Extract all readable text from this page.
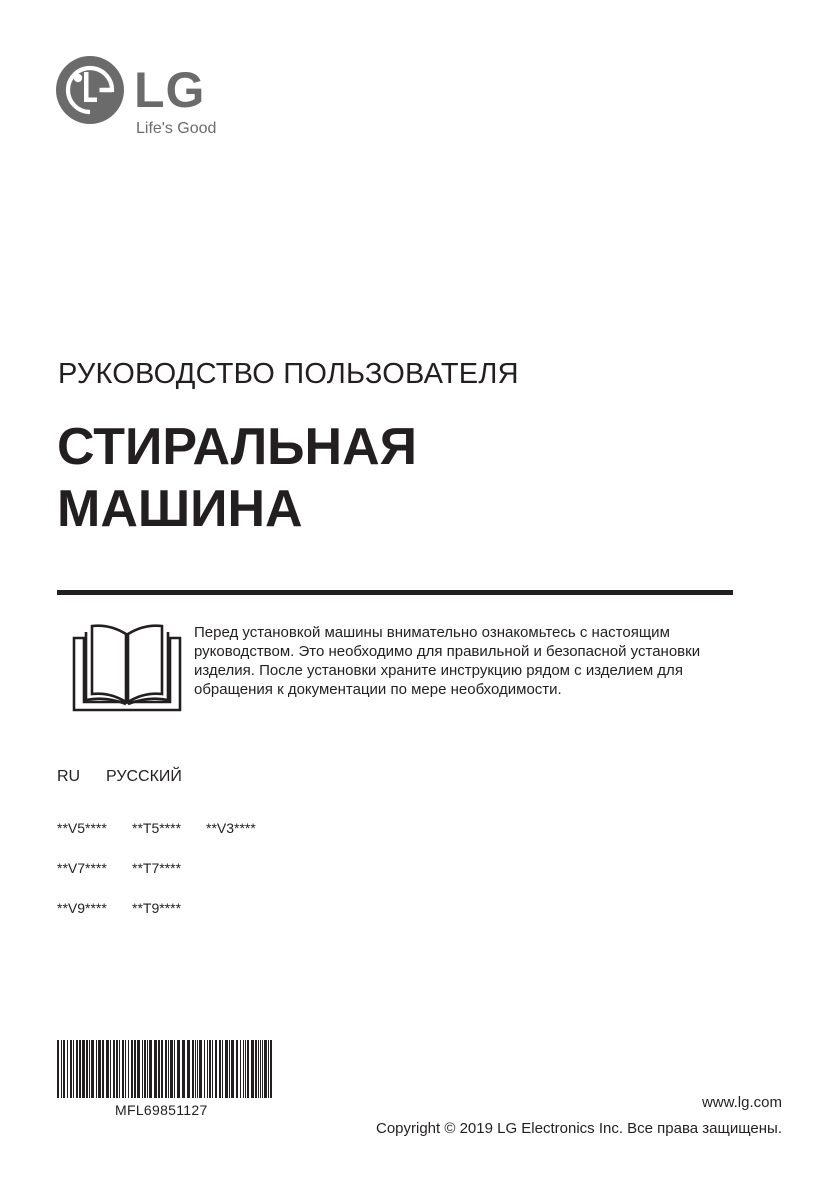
LG
Life's Good
РУКОВОДСТВО ПОЛЬЗОВАТЕЛЯ
СТИРАЛЬНАЯ
МАШИНА
Перед установкой машины внимательно ознакомьтесь с настоящим
руководством. Это необходимо для правильной и безопасной установки
изделия. После установки храните инструкцию рядом с изделием для
обращения к документации по мере необходимости.
RU РУССКИЙ
**V5**** **T5**** **V3****
**V7**** **T7****
**V9**** **T9****
MFL69851127	www.lg.com
Copyright © 2019 LG Electronics Inc. Все права защищены.
